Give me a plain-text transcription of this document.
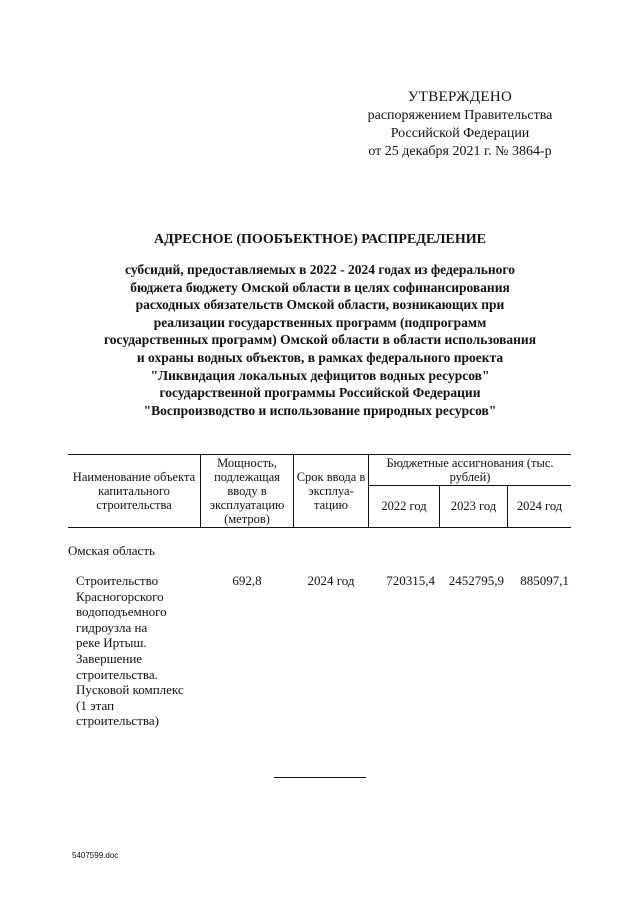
УТВЕРЖДЕНО
распоряжением Правительства
Российской Федерации
от 25 декабря 2021 г. № 3864-р
АДРЕСНОЕ (ПООБЪЕКТНОЕ) РАСПРЕДЕЛЕНИЕ
субсидий, предоставляемых в 2022 - 2024 годах из федерального
бюджета бюджету Омской области в целях софинансирования
расходных обязательств Омской области, возникающих при
реализации государственных программ (подпрограмм
государственных программ) Омской области в области использования
и охраны водных объектов, в рамках федерального проекта
"Ликвидация локальных дефицитов водных ресурсов"
государственной программы Российской Федерации
"Воспроизводство и использование природных ресурсов"
Наименование объекта капитального строительства
Мощность, подлежащая вводу в эксплуатацию (метров)
Срок ввода в эксплуа-тацию
Бюджетные ассигнования (тыс. рублей)
2022 год	2023 год	2024 год
Омская область
Строительство
Красногорского
водоподъемного
гидроузла на
реке Иртыш.
Завершение
строительства.
Пусковой комплекс
(1 этап
строительства)
692,8	2024 год	720315,4	2452795,9	885097,1
5407599.doc
